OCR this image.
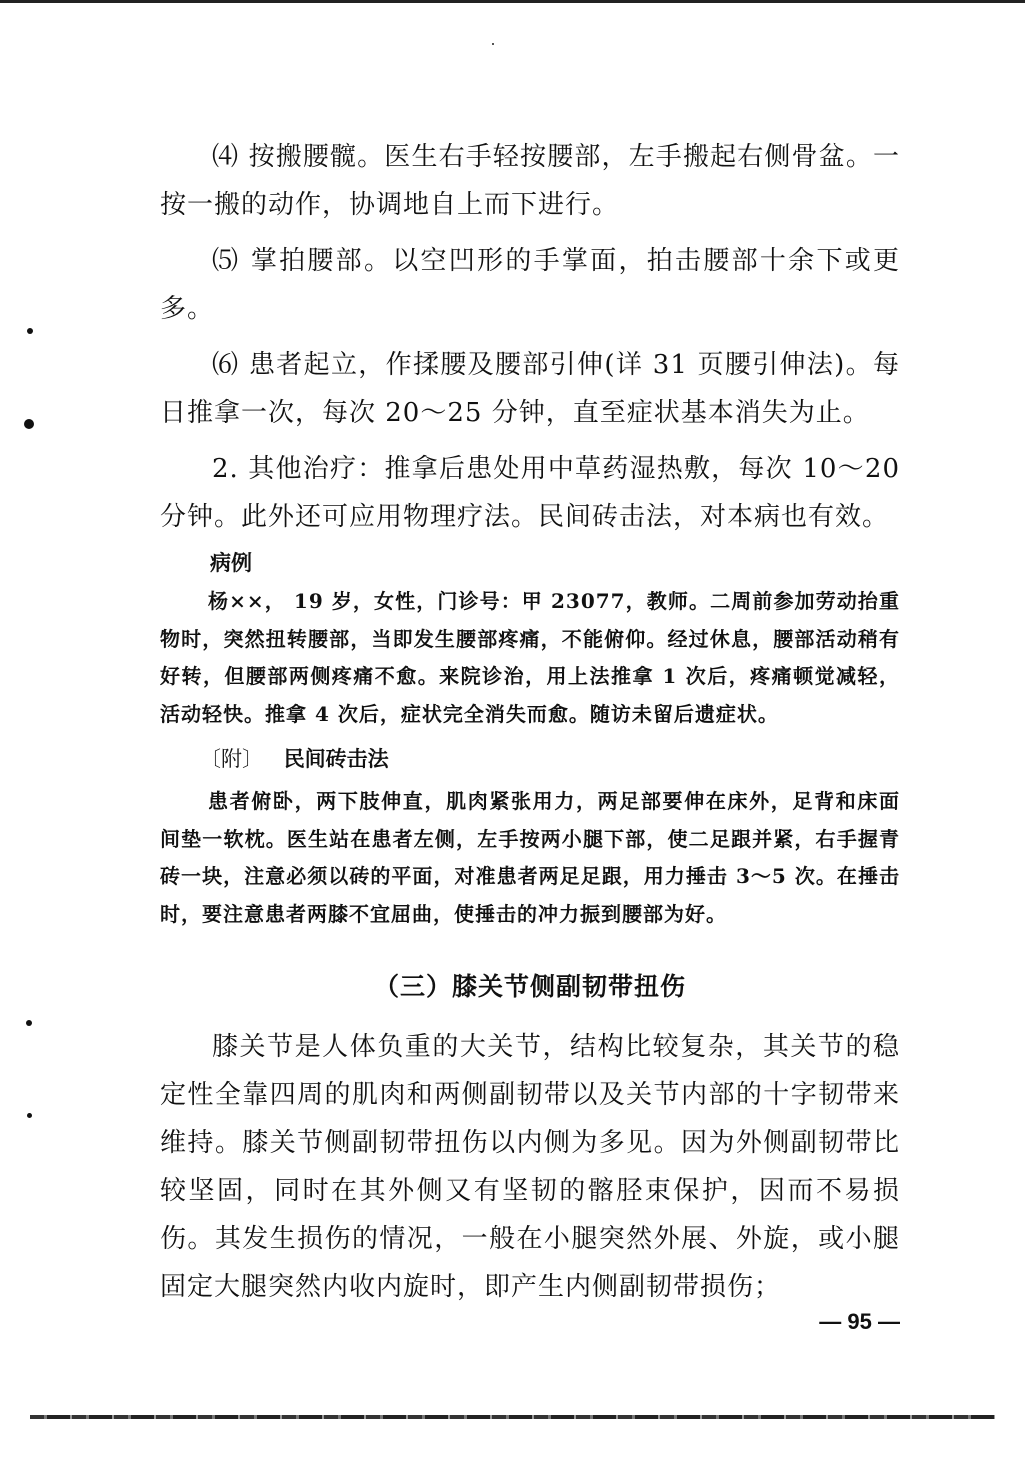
⑷ 按搬腰髋。医生右手轻按腰部，左手搬起右侧骨盆。一按一搬的动作，协调地自上而下进行。

⑸ 掌拍腰部。以空凹形的手掌面，拍击腰部十余下或更多。

⑹ 患者起立，作揉腰及腰部引伸(详 31 页腰引伸法)。每日推拿一次，每次 20～25 分钟，直至症状基本消失为止。

2. 其他治疗：推拿后患处用中草药湿热敷，每次 10～20 分钟。此外还可应用物理疗法。民间砖击法，对本病也有效。

病例

杨××， 19 岁，女性，门诊号：甲 23077，教师。二周前参加劳动抬重物时，突然扭转腰部，当即发生腰部疼痛，不能俯仰。经过休息，腰部活动稍有好转，但腰部两侧疼痛不愈。来院诊治，用上法推拿 1 次后，疼痛顿觉减轻，活动轻快。推拿 4 次后，症状完全消失而愈。随访未留后遗症状。

〔附〕 民间砖击法

患者俯卧，两下肢伸直，肌肉紧张用力，两足部要伸在床外，足背和床面间垫一软枕。医生站在患者左侧，左手按两小腿下部，使二足跟并紧，右手握青砖一块，注意必须以砖的平面，对准患者两足足跟，用力捶击 3～5 次。在捶击时，要注意患者两膝不宜屈曲，使捶击的冲力振到腰部为好。

（三）膝关节侧副韧带扭伤

膝关节是人体负重的大关节，结构比较复杂，其关节的稳定性全靠四周的肌肉和两侧副韧带以及关节内部的十字韧带来维持。膝关节侧副韧带扭伤以内侧为多见。因为外侧副韧带比较坚固，同时在其外侧又有坚韧的髂胫束保护，因而不易损伤。其发生损伤的情况，一般在小腿突然外展、外旋，或小腿固定大腿突然内收内旋时，即产生内侧副韧带损伤；

— 95 —
